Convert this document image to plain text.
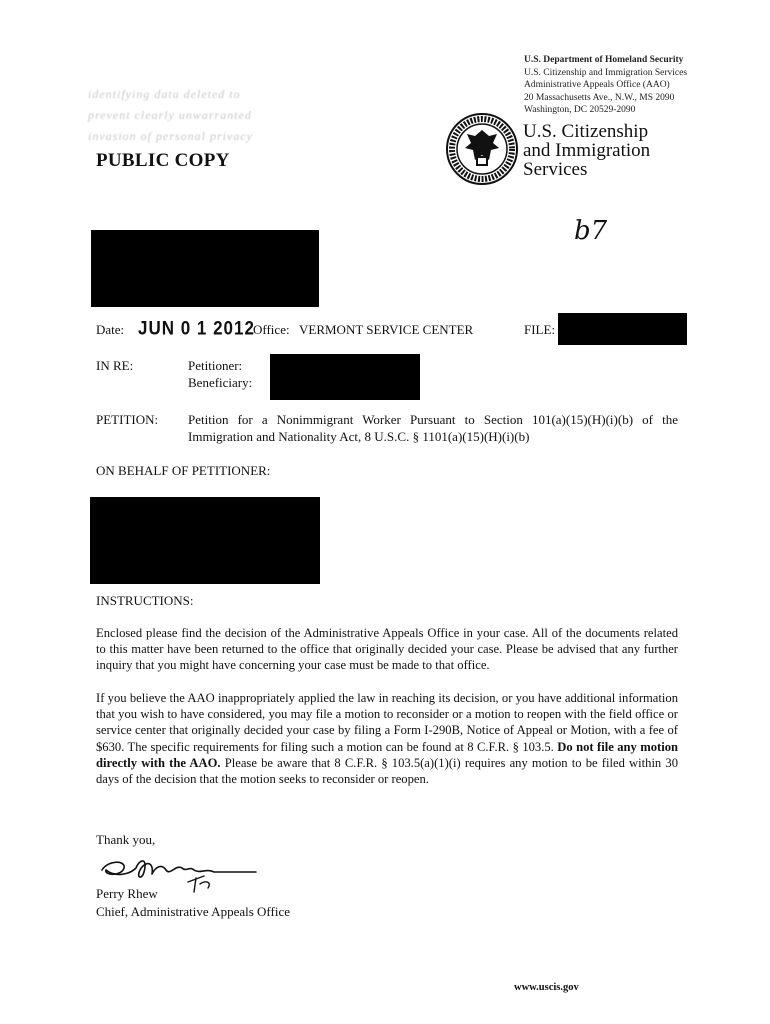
identifying data deleted to
prevent clearly unwarranted
invasion of personal privacy
PUBLIC COPY
U.S. Department of Homeland Security
U.S. Citizenship and Immigration Services
Administrative Appeals Office (AAO)
20 Massachusetts Ave., N.W., MS 2090
Washington, DC 20529-2090
U.S. Citizenship
and Immigration
Services
b7
Date: JUN 0 1 2012
Office: VERMONT SERVICE CENTER	FILE:
IN RE:	Petitioner:
Beneficiary:
PETITION: Petition for a Nonimmigrant Worker Pursuant to Section 101(a)(15)(H)(i)(b) of the Immigration and Nationality Act, 8 U.S.C. § 1101(a)(15)(H)(i)(b)
ON BEHALF OF PETITIONER:
INSTRUCTIONS:
Enclosed please find the decision of the Administrative Appeals Office in your case. All of the documents related to this matter have been returned to the office that originally decided your case. Please be advised that any further inquiry that you might have concerning your case must be made to that office.
If you believe the AAO inappropriately applied the law in reaching its decision, or you have additional information that you wish to have considered, you may file a motion to reconsider or a motion to reopen with the field office or service center that originally decided your case by filing a Form I-290B, Notice of Appeal or Motion, with a fee of $630. The specific requirements for filing such a motion can be found at 8 C.F.R. § 103.5. Do not file any motion directly with the AAO. Please be aware that 8 C.F.R. § 103.5(a)(1)(i) requires any motion to be filed within 30 days of the decision that the motion seeks to reconsider or reopen.
Thank you,
Perry Rhew
Chief, Administrative Appeals Office
www.uscis.gov
